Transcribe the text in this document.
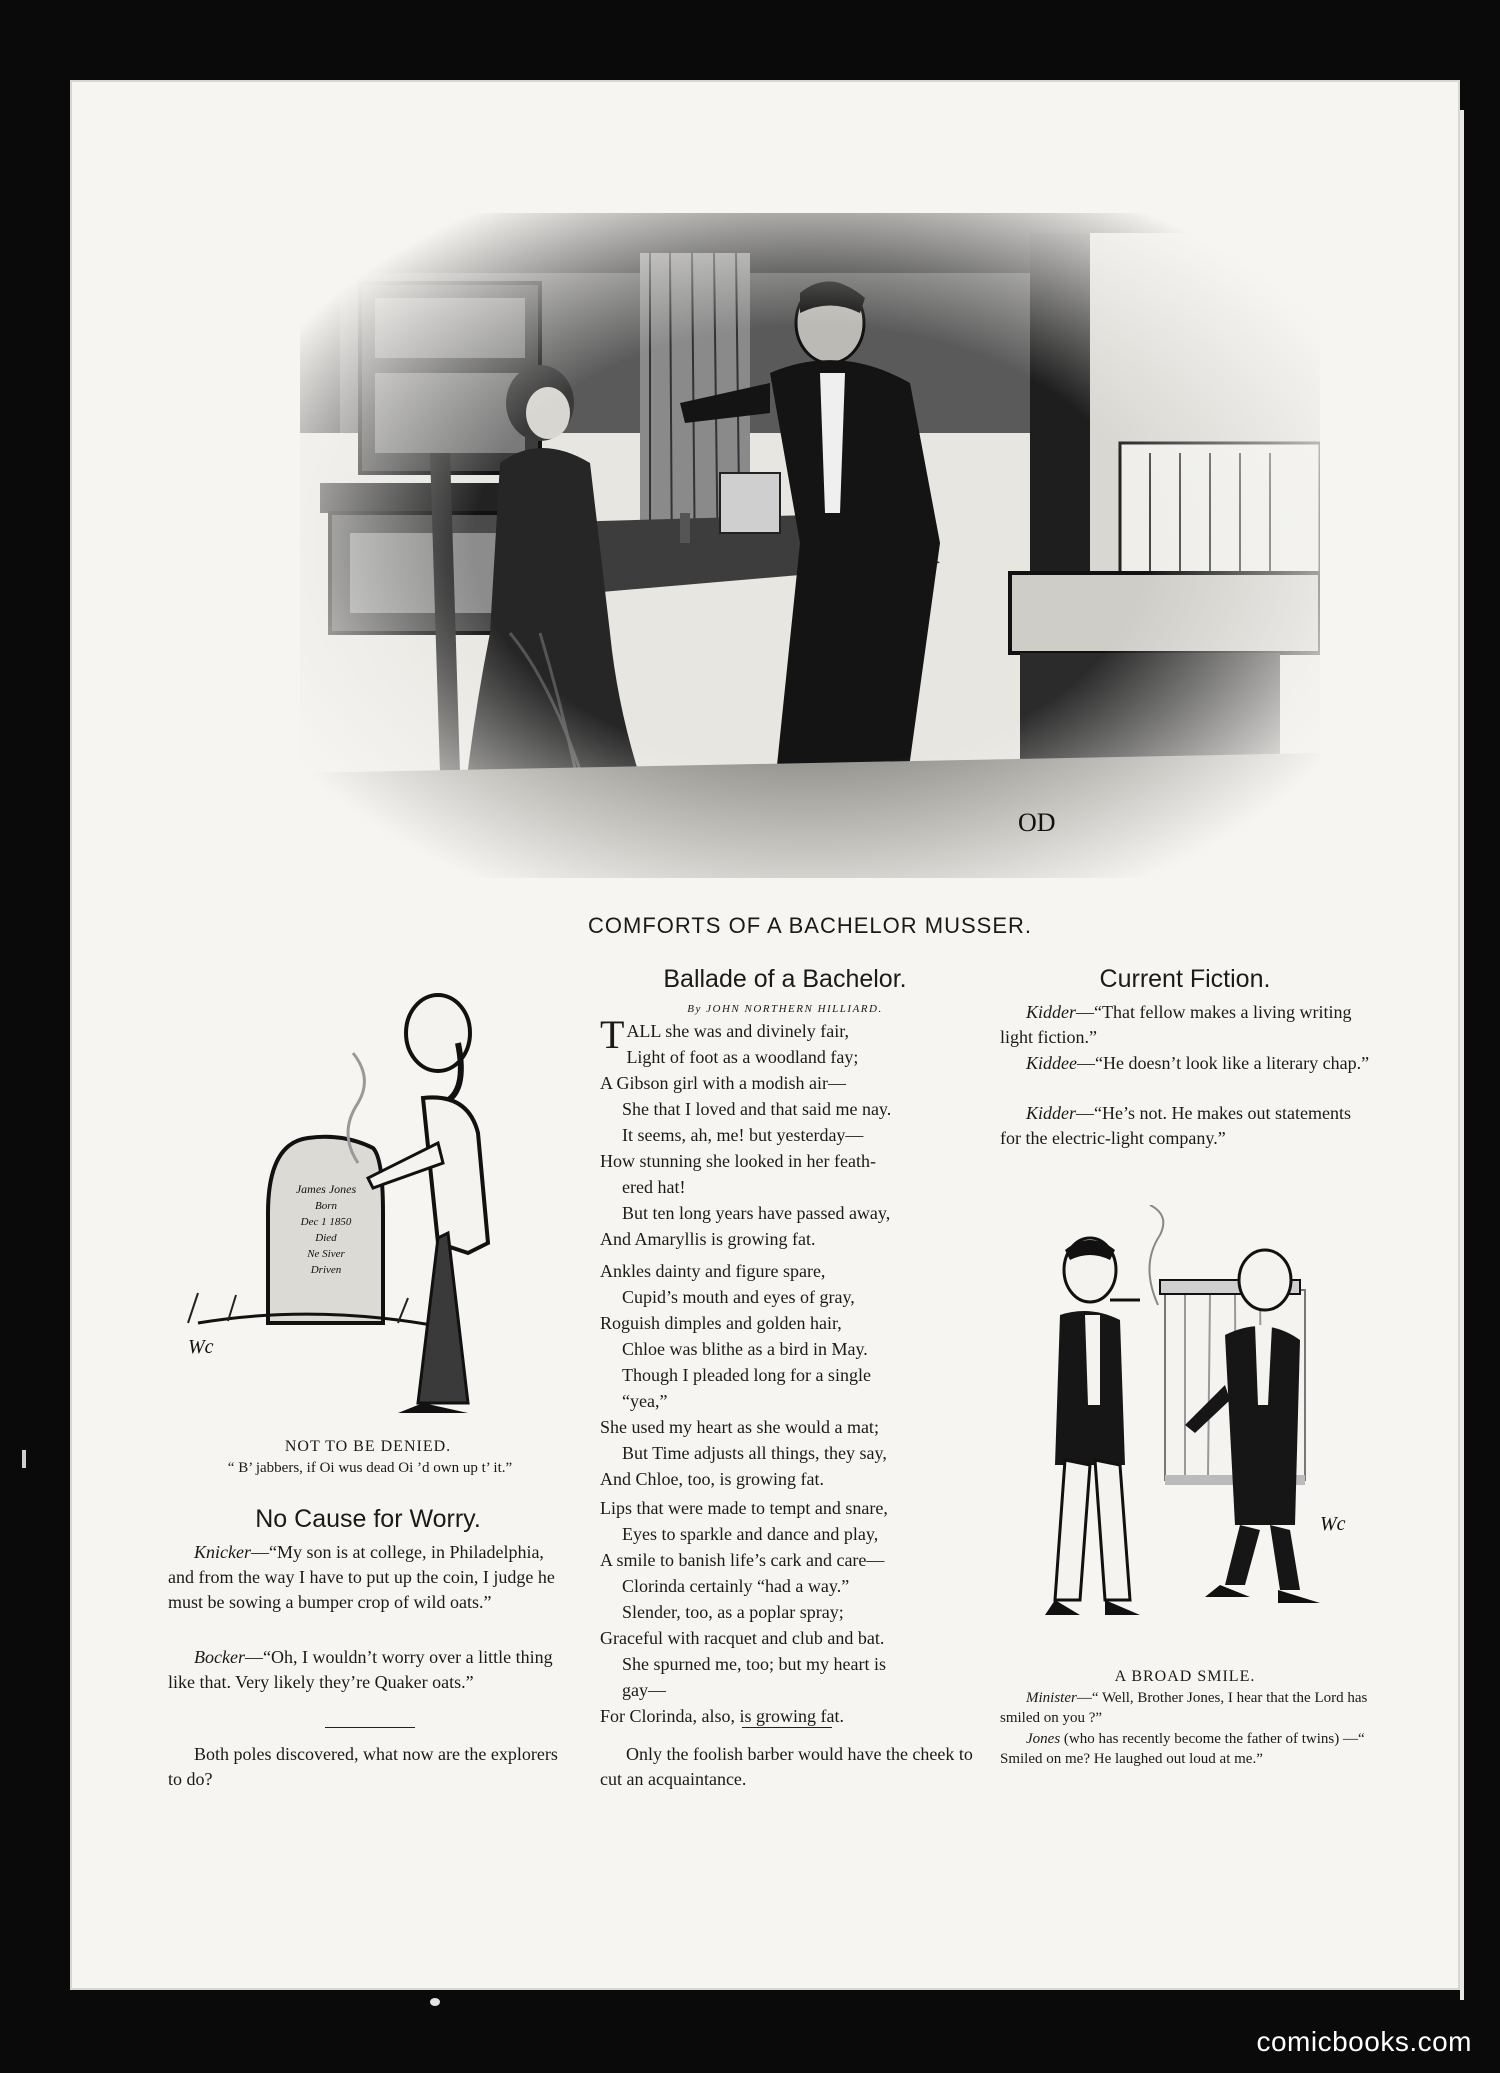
OD
COMFORTS OF A BACHELOR MUSSER.
James Jones
Born
Dec 1 1850
Died
Ne Siver
Driven
Wc
NOT TO BE DENIED.
“ B’ jabbers, if Oi wus dead Oi ’d own up t’ it.”
No Cause for Worry.

Knicker—“My son is at college, in Philadelphia, and from the way I have to put up the coin, I judge he must be sowing a bumper crop of wild oats.”

Bocker—“Oh, I wouldn’t worry over a little thing like that. Very likely they’re Quaker oats.”

Both poles discovered, what now are the explorers to do?

Ballade of a Bachelor.
By JOHN NORTHERN HILLIARD.
TALL she was and divinely fair,
Light of foot as a woodland fay;
A Gibson girl with a modish air—
She that I loved and that said me nay.
It seems, ah, me! but yesterday—
How stunning she looked in her feath-
ered hat!
But ten long years have passed away,
And Amaryllis is growing fat.
Ankles dainty and figure spare,
Cupid’s mouth and eyes of gray,
Roguish dimples and golden hair,
Chloe was blithe as a bird in May.
Though I pleaded long for a single
“yea,”
She used my heart as she would a mat;
But Time adjusts all things, they say,
And Chloe, too, is growing fat.
Lips that were made to tempt and snare,
Eyes to sparkle and dance and play,
A smile to banish life’s cark and care—
Clorinda certainly “had a way.”
Slender, too, as a poplar spray;
Graceful with racquet and club and bat.
She spurned me, too; but my heart is
gay—
For Clorinda, also, is growing fat.

Only the foolish barber would have the cheek to cut an acquaintance.

Current Fiction.

Kidder—“That fellow makes a living writing light fiction.”

Kiddee—“He doesn’t look like a literary chap.”

Kidder—“He’s not. He makes out statements for the electric-light company.”

Wc
A BROAD SMILE.

Minister—“ Well, Brother Jones, I hear that the Lord has smiled on you ?”

Jones (who has recently become the father of twins) —“ Smiled on me? He laughed out loud at me.”

comicbooks.com
